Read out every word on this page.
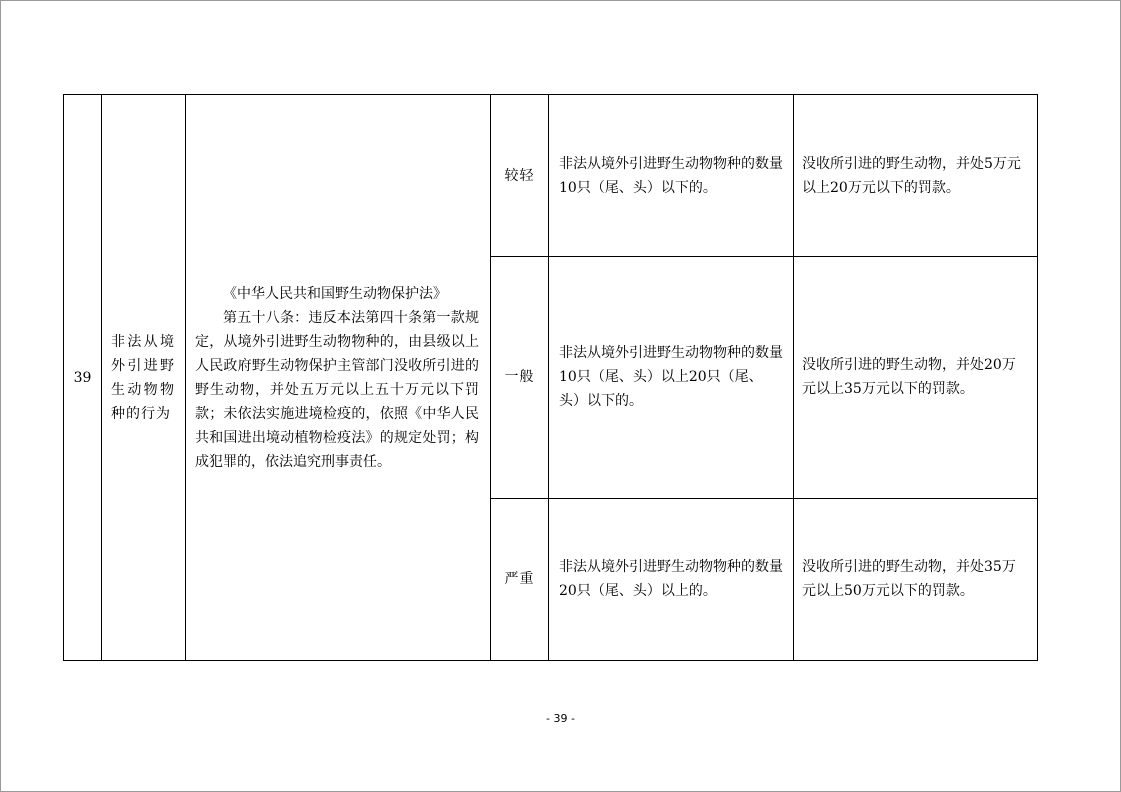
39	非法从境外引进野生动物物种的行为	《中华人民共和国野生动物保护法》
第五十八条：违反本法第四十条第一款规定，从境外引进野生动物物种的，由县级以上人民政府野生动物保护主管部门没收所引进的野生动物，并处五万元以上五十万元以下罚款；未依法实施进境检疫的，依照《中华人民共和国进出境动植物检疫法》的规定处罚；构成犯罪的，依法追究刑事责任。	较轻	非法从境外引进野生动物物种的数量10只（尾、头）以下的。	没收所引进的野生动物，并处5万元以上20万元以下的罚款。
			一般	非法从境外引进野生动物物种的数量10只（尾、头）以上20只（尾、头）以下的。	没收所引进的野生动物，并处20万元以上35万元以下的罚款。
			严重	非法从境外引进野生动物物种的数量20只（尾、头）以上的。	没收所引进的野生动物，并处35万元以上50万元以下的罚款。
- 39 -
